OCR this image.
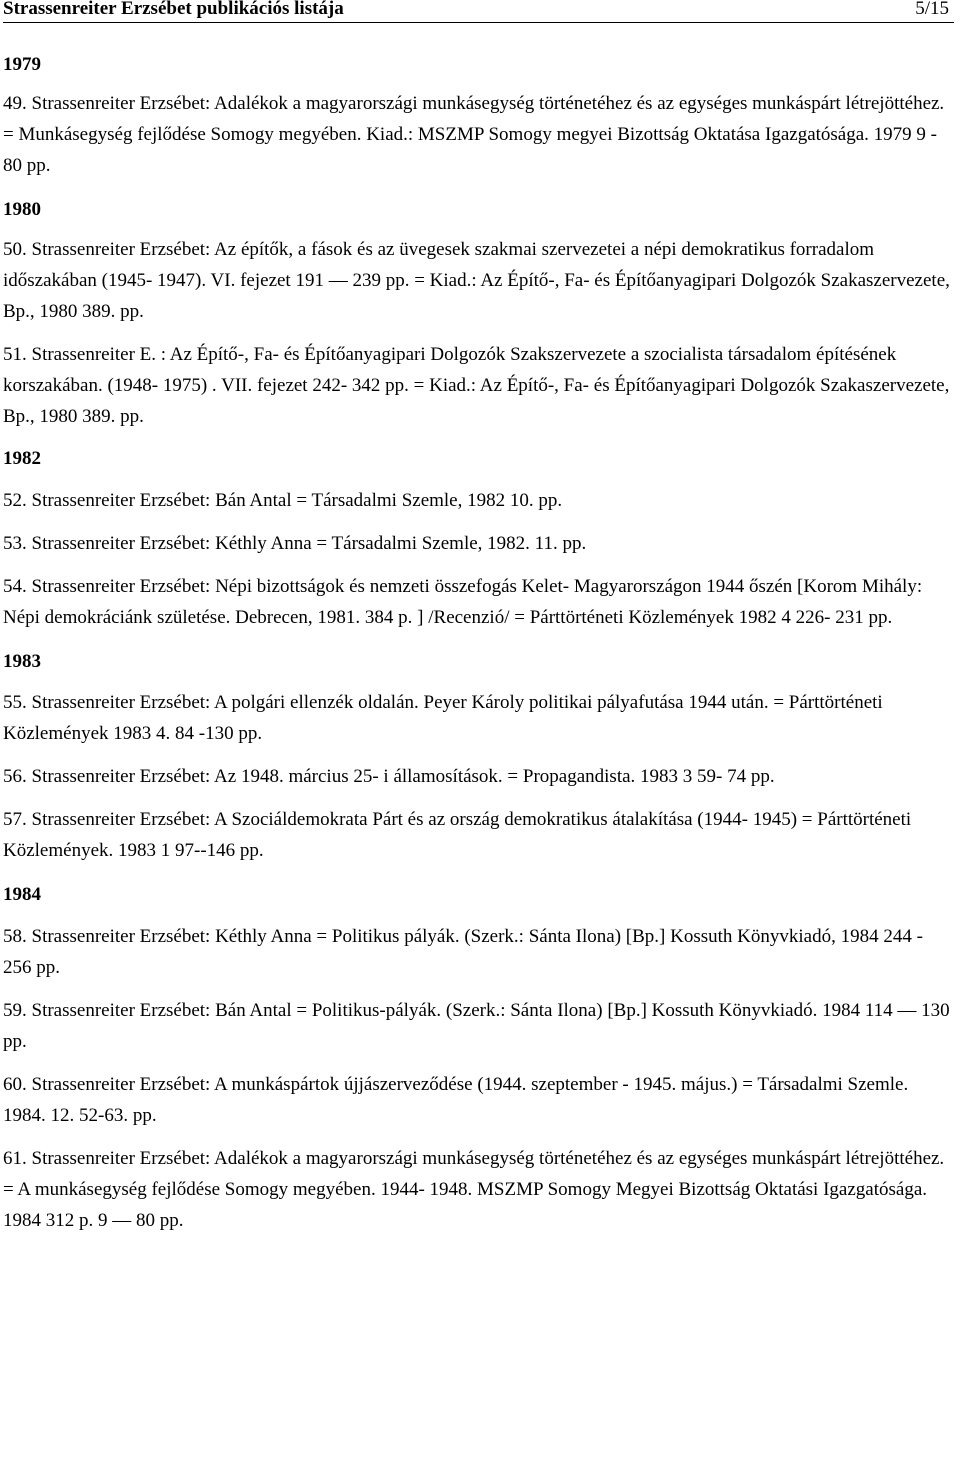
Strassenreiter Erzsébet publikációs listája	5/15
1979

49. Strassenreiter Erzsébet: Adalékok a magyarországi munkásegység történetéhez és az egységes munkáspárt létrejöttéhez. = Munkásegység fejlődése Somogy megyében. Kiad.: MSZMP Somogy megyei Bizottság Oktatása Igazgatósága. 1979 9 - 80 pp.

1980

50. Strassenreiter Erzsébet: Az építők, a fások és az üvegesek szakmai szervezetei a népi demokratikus forradalom időszakában (1945- 1947). VI. fejezet 191 — 239 pp. = Kiad.: Az Építő-, Fa- és Építőanyagipari Dolgozók Szakaszervezete, Bp., 1980 389. pp.

51. Strassenreiter E. : Az Építő-, Fa- és Építőanyagipari Dolgozók Szakszervezete a szocialista társadalom építésének korszakában. (1948- 1975) . VII. fejezet 242- 342 pp. = Kiad.: Az Építő-, Fa- és Építőanyagipari Dolgozók Szakaszervezete, Bp., 1980 389. pp.

1982

52. Strassenreiter Erzsébet: Bán Antal = Társadalmi Szemle, 1982 10. pp.

53. Strassenreiter Erzsébet: Kéthly Anna = Társadalmi Szemle, 1982. 11. pp.

54. Strassenreiter Erzsébet: Népi bizottságok és nemzeti összefogás Kelet- Magyarországon 1944 őszén [Korom Mihály: Népi demokráciánk születése. Debrecen, 1981. 384 p. ] /Recenzió/ = Párttörténeti Közlemények 1982 4 226- 231 pp.

1983

55. Strassenreiter Erzsébet: A polgári ellenzék oldalán. Peyer Károly politikai pályafutása 1944 után. = Párttörténeti Közlemények 1983 4. 84 -130 pp.

56. Strassenreiter Erzsébet: Az 1948. március 25- i államosítások. = Propagandista. 1983 3 59- 74 pp.

57. Strassenreiter Erzsébet: A Szociáldemokrata Párt és az ország demokratikus átalakítása (1944- 1945) = Párttörténeti Közlemények. 1983 1 97--146 pp.

1984

58. Strassenreiter Erzsébet: Kéthly Anna = Politikus pályák. (Szerk.: Sánta Ilona) [Bp.] Kossuth Könyvkiadó, 1984 244 - 256 pp.

59. Strassenreiter Erzsébet: Bán Antal = Politikus-pályák. (Szerk.: Sánta Ilona) [Bp.] Kossuth Könyvkiadó. 1984 114 — 130 pp.

60. Strassenreiter Erzsébet: A munkáspártok újjászerveződése (1944. szeptember - 1945. május.) = Társadalmi Szemle. 1984. 12. 52-63. pp.

61. Strassenreiter Erzsébet: Adalékok a magyarországi munkásegység történetéhez és az egységes munkáspárt létrejöttéhez. = A munkásegység fejlődése Somogy megyében. 1944- 1948. MSZMP Somogy Megyei Bizottság Oktatási Igazgatósága. 1984 312 p. 9 — 80 pp.
